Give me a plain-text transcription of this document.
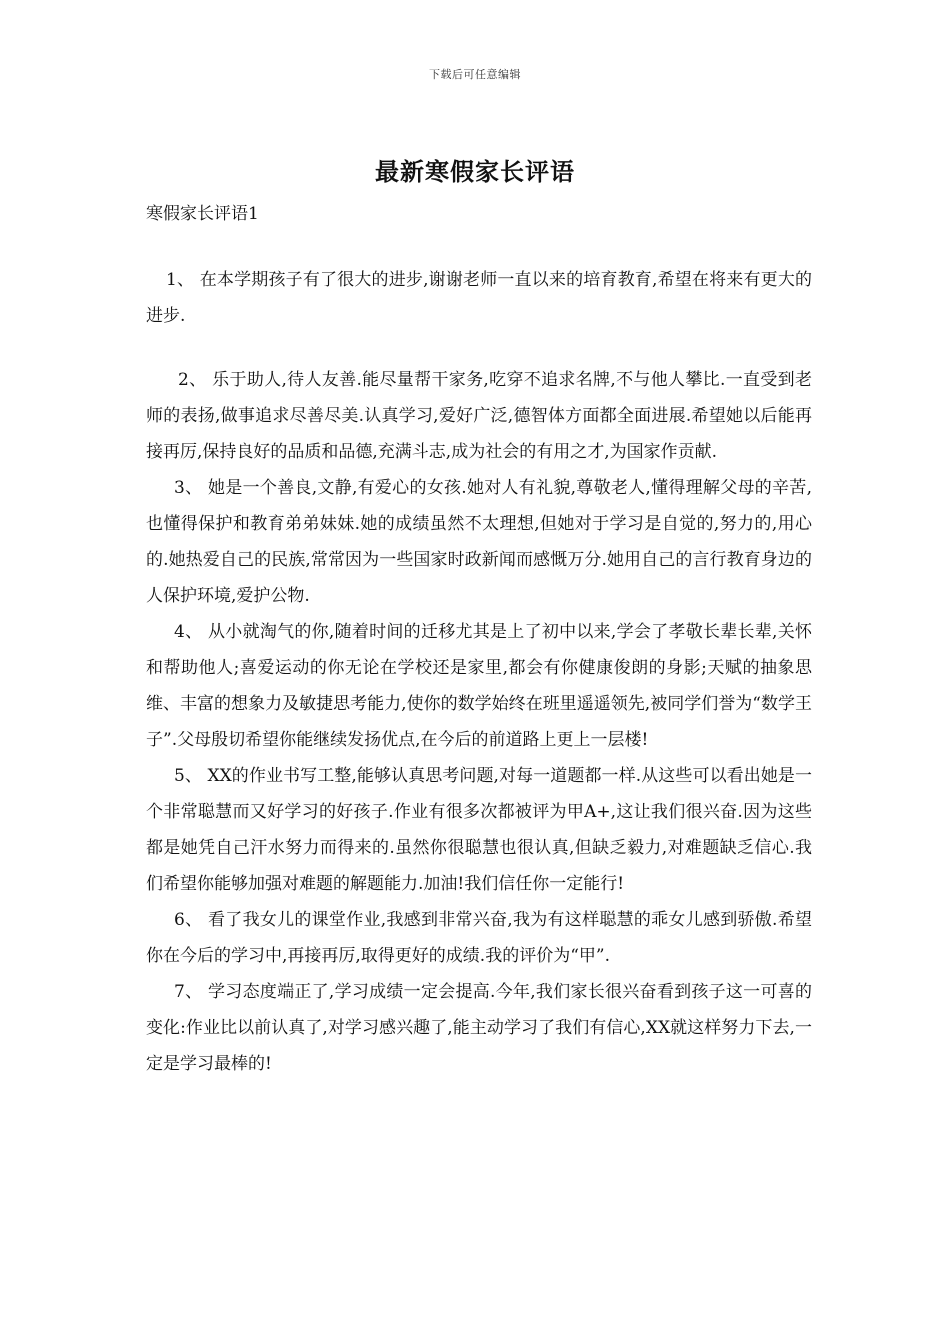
下载后可任意编辑
最新寒假家长评语
寒假家长评语1

1、 在本学期孩子有了很大的进步,谢谢老师一直以来的培育教育,希望在将来有更大的进步.

2、 乐于助人,待人友善.能尽量帮干家务,吃穿不追求名牌,不与他人攀比.一直受到老师的表扬,做事追求尽善尽美.认真学习,爱好广泛,德智体方面都全面进展.希望她以后能再接再厉,保持良好的品质和品德,充满斗志,成为社会的有用之才,为国家作贡献.

3、 她是一个善良,文静,有爱心的女孩.她对人有礼貌,尊敬老人,懂得理解父母的辛苦,也懂得保护和教育弟弟妹妹.她的成绩虽然不太理想,但她对于学习是自觉的,努力的,用心的.她热爱自己的民族,常常因为一些国家时政新闻而感慨万分.她用自己的言行教育身边的人保护环境,爱护公物.

4、 从小就淘气的你,随着时间的迁移尤其是上了初中以来,学会了孝敬长辈长辈,关怀和帮助他人;喜爱运动的你无论在学校还是家里,都会有你健康俊朗的身影;天赋的抽象思维、丰富的想象力及敏捷思考能力,使你的数学始终在班里遥遥领先,被同学们誉为“数学王子”.父母殷切希望你能继续发扬优点,在今后的前道路上更上一层楼!

5、 XX的作业书写工整,能够认真思考问题,对每一道题都一样.从这些可以看出她是一个非常聪慧而又好学习的好孩子.作业有很多次都被评为甲A+,这让我们很兴奋.因为这些都是她凭自己汗水努力而得来的.虽然你很聪慧也很认真,但缺乏毅力,对难题缺乏信心.我们希望你能够加强对难题的解题能力.加油!我们信任你一定能行!

6、 看了我女儿的课堂作业,我感到非常兴奋,我为有这样聪慧的乖女儿感到骄傲.希望你在今后的学习中,再接再厉,取得更好的成绩.我的评价为“甲”.

7、 学习态度端正了,学习成绩一定会提高.今年,我们家长很兴奋看到孩子这一可喜的变化:作业比以前认真了,对学习感兴趣了,能主动学习了我们有信心,XX就这样努力下去,一定是学习最棒的!
